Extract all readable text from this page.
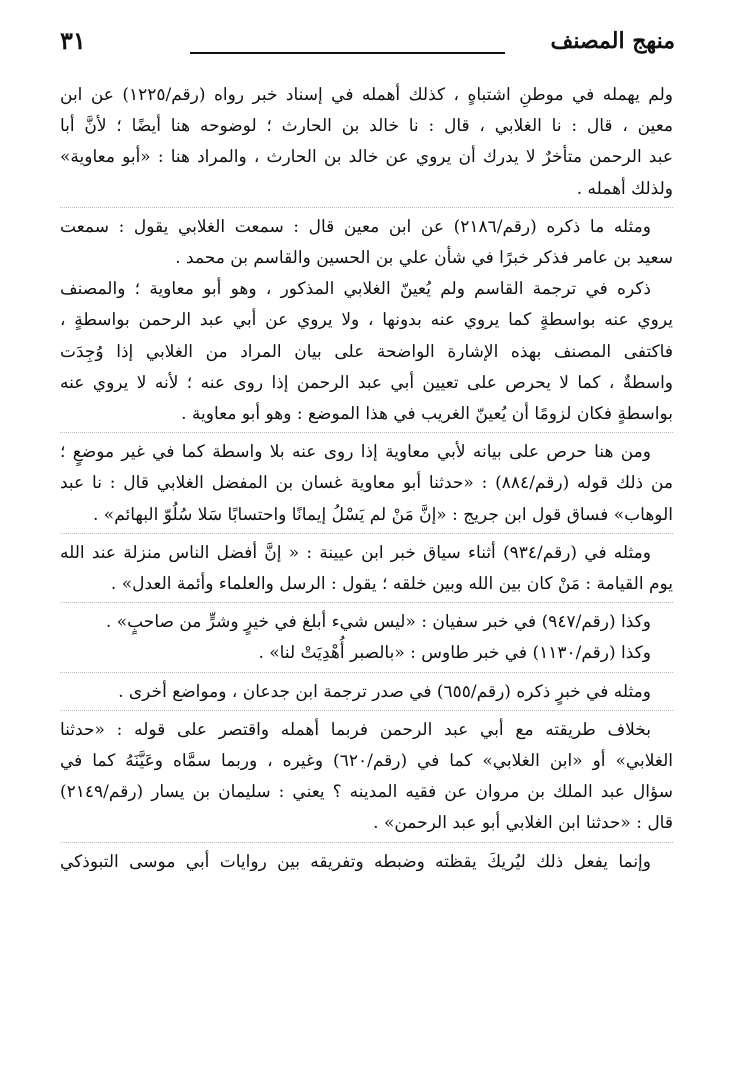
منهج المصنف
٣١
ولم يهمله في موطنِ اشتباهٍ ، كذلك أهمله في إسناد خبر رواه (رقم/١٢٢٥) عن ابن
معين ، قال : نا الغلابي ، قال : نا خالد بن الحارث ؛ لوضوحه هنا أيضًا ؛ لأنَّ أبا
عبد الرحمن متأخرٌ لا يدرك أن يروي عن خالد بن الحارث ، والمراد هنا : «أبو معاوية»
ولذلك أهمله .
ومثله ما ذكره (رقم/٢١٨٦) عن ابن معين قال : سمعت الغلابي يقول : سمعت
سعيد بن عامر فذكر خبرًا في شأن علي بن الحسين والقاسم بن محمد .
ذكره في ترجمة القاسم ولم يُعينّ الغلابي المذكور ، وهو أبو معاوية ؛ والمصنف
يروي عنه بواسطةٍ كما يروي عنه بدونها ، ولا يروي عن أبي عبد الرحمن بواسطةٍ ،
فاكتفى المصنف بهذه الإشارة الواضحة على بيان المراد من الغلابي إذا وُجِدَت
واسطةٌ ، كما لا يحرص على تعيين أبي عبد الرحمن إذا روى عنه ؛ لأنه لا يروي عنه
بواسطةٍ فكان لزومًا أن يُعينّ الغريب في هذا الموضع : وهو أبو معاوية .
ومن هنا حرص على بيانه لأبي معاوية إذا روى عنه بلا واسطة كما في غير موضعٍ ؛
من ذلك قوله (رقم/٨٨٤) : «حدثنا أبو معاوية غسان بن المفضل الغلابي قال : نا عبد
الوهاب» فساق قول ابن جريج : «إنَّ مَنْ لم يَسْلُ إيمانًا واحتسابًا سَلا سُلُوّ البهائم» .
ومثله في (رقم/٩٣٤) أثناء سياق خبر ابن عيينة : « إنَّ أفضل الناس منزلة عند الله
يوم القيامة : مَنْ كان بين الله وبين خلقه ؛ يقول : الرسل والعلماء وأئمة العدل» .
وكذا (رقم/٩٤٧) في خبر سفيان : «ليس شيء أبلغ في خيرٍ وشرٍّ من صاحبٍ» .
وكذا (رقم/١١٣٠) في خبر طاوس : «بالصبر أُهْدِيَتْ لنا» .
ومثله في خبرٍ ذكره (رقم/٦٥٥) في صدر ترجمة ابن جدعان ، ومواضع أخرى .
بخلاف طريقته مع أبي عبد الرحمن فربما أهمله واقتصر على قوله : «حدثنا
الغلابي» أو «ابن الغلابي» كما في (رقم/٦٢٠) وغيره ، وربما سمَّاه وعَيَّنَهُ كما في
سؤال عبد الملك بن مروان عن فقيه المدينه ؟ يعني : سليمان بن يسار (رقم/٢١٤٩)
قال : «حدثنا ابن الغلابي أبو عبد الرحمن» .
وإنما يفعل ذلك ليُريكَ يقظته وضبطه وتفريقه بين روايات أبي موسى التبوذكي
